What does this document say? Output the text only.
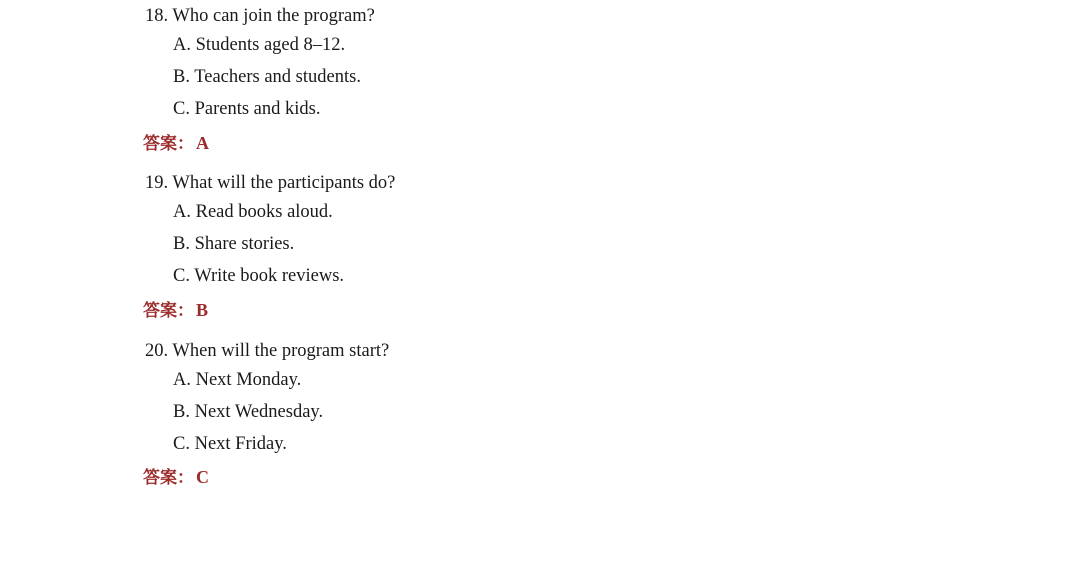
18. Who can join the program?
A. Students aged 8–12.
B. Teachers and students.
C. Parents and kids.
答案： A
19. What will the participants do?
A. Read books aloud.
B. Share stories.
C. Write book reviews.
答案： B
20. When will the program start?
A. Next Monday.
B. Next Wednesday.
C. Next Friday.
答案： C
